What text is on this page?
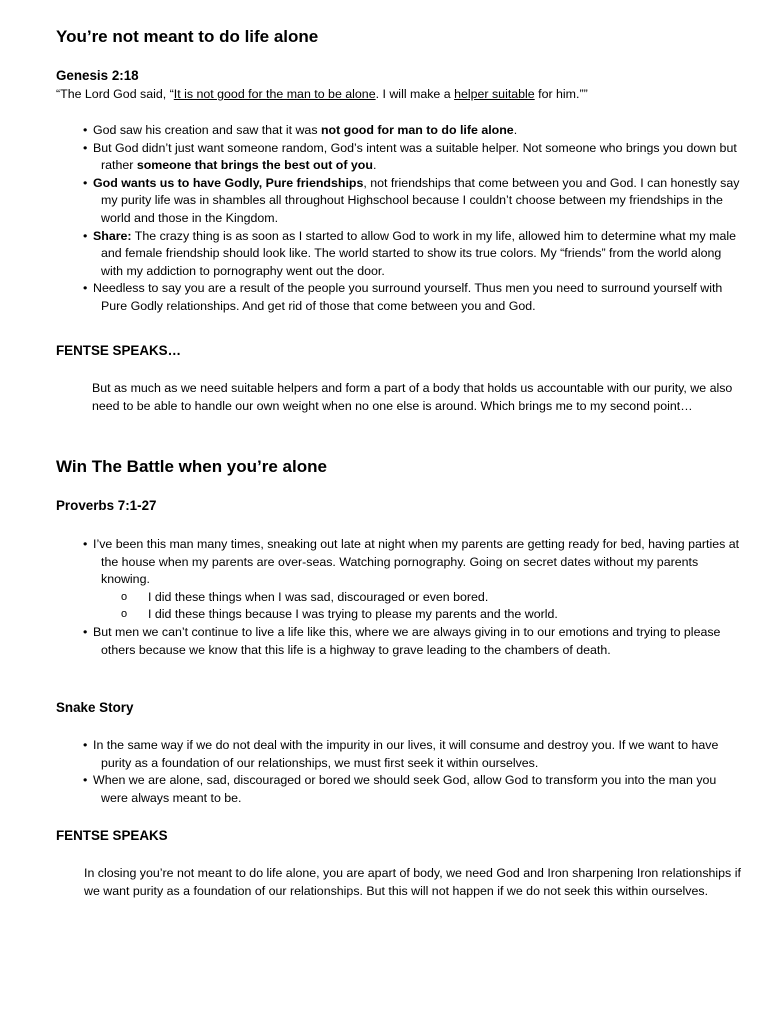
You’re not meant to do life alone
Genesis 2:18

“The Lord God said, “It is not good for the man to be alone. I will make a helper suitable for him.””

• God saw his creation and saw that it was not good for man to do life alone.
• But God didn’t just want someone random, God’s intent was a suitable helper. Not someone who brings you down but rather someone that brings the best out of you.
• God wants us to have Godly, Pure friendships, not friendships that come between you and God. I can honestly say my purity life was in shambles all throughout Highschool because I couldn’t choose between my friendships in the world and those in the Kingdom.
• Share: The crazy thing is as soon as I started to allow God to work in my life, allowed him to determine what my male and female friendship should look like. The world started to show its true colors. My “friends” from the world along with my addiction to pornography went out the door.
• Needless to say you are a result of the people you surround yourself. Thus men you need to surround yourself with Pure Godly relationships. And get rid of those that come between you and God.
FENTSE SPEAKS…

But as much as we need suitable helpers and form a part of a body that holds us accountable with our purity, we also need to be able to handle our own weight when no one else is around. Which brings me to my second point…

Win The Battle when you’re alone
Proverbs 7:1-27
• I’ve been this man many times, sneaking out late at night when my parents are getting ready for bed, having parties at the house when my parents are over-seas. Watching pornography. Going on secret dates without my parents knowing.
o I did these things when I was sad, discouraged or even bored.
o I did these things because I was trying to please my parents and the world.
• But men we can’t continue to live a life like this, where we are always giving in to our emotions and trying to please others because we know that this life is a highway to grave leading to the chambers of death.
Snake Story
• In the same way if we do not deal with the impurity in our lives, it will consume and destroy you. If we want to have purity as a foundation of our relationships, we must first seek it within ourselves.
• When we are alone, sad, discouraged or bored we should seek God, allow God to transform you into the man you were always meant to be.
FENTSE SPEAKS

In closing you’re not meant to do life alone, you are apart of body, we need God and Iron sharpening Iron relationships if we want purity as a foundation of our relationships. But this will not happen if we do not seek this within ourselves.
